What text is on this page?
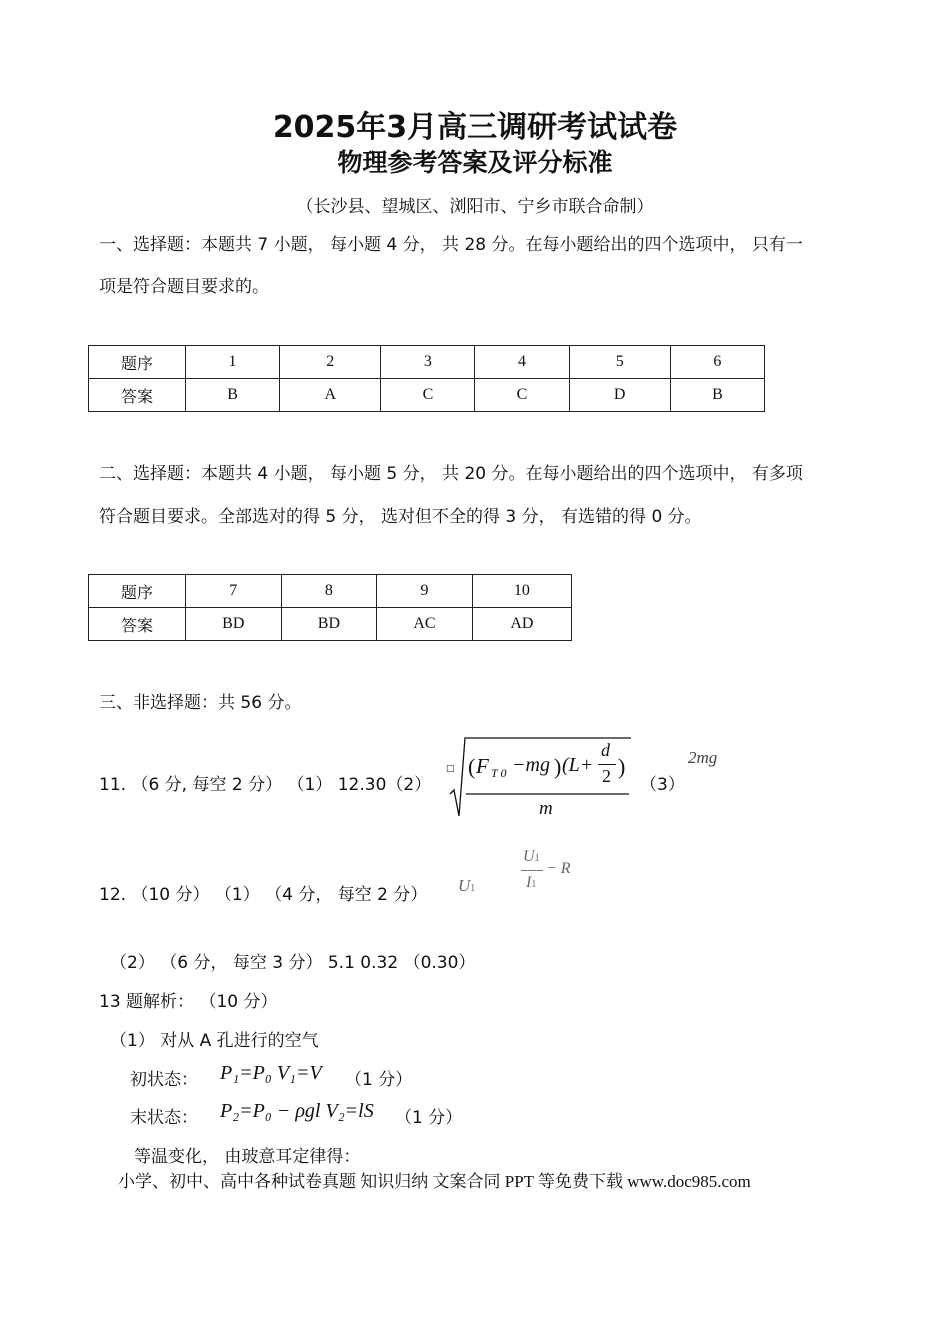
2025年3月高三调研考试试卷
物理参考答案及评分标准
（长沙县、望城区、浏阳市、宁乡市联合命制）
一、选择题：本题共 7 小题， 每小题 4 分， 共 28 分。在每小题给出的四个选项中， 只有一
项是符合题目要求的。
题序	1	2	3	4	5	6
答案	B	A	C	C	D	B
二、选择题：本题共 4 小题， 每小题 5 分， 共 20 分。在每小题给出的四个选项中， 有多项
符合题目要求。全部选对的得 5 分， 选对但不全的得 3 分， 有选错的得 0 分。
题序	7	8	9	10
答案	BD	BD	AC	AD
三、非选择题：共 56 分。
11. （6 分, 每空 2 分） （1） 12.30（2）
□ ( F T 0 −mg ) (L+
d
2 )
m
（3）
2mg
12. （10 分） （1） （4 分， 每空 2 分） U1
U1
I1
− R
（2） （6 分， 每空 3 分） 5.1 0.32 （0.30）
13 题解析： （10 分）
（1） 对从 A 孔进行的空气
初状态： P₁=P₀ V₁=V （1 分）
末状态： P₂=P₀ − ρgl V₂=lS （1 分）
等温变化， 由玻意耳定律得：
小学、初中、高中各种试卷真题 知识归纳 文案合同 PPT 等免费下载 www.doc985.com
